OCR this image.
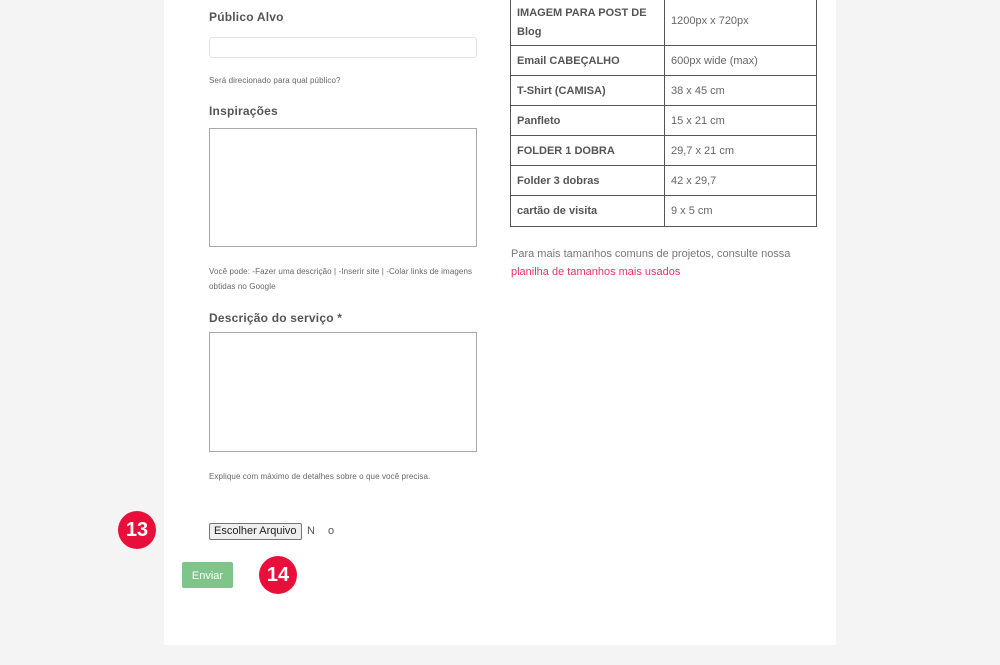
Público Alvo
Será direcionado para qual público?
Inspirações
Você pode: -Fazer uma descrição | -Inserir site | -Colar links de imagens obtidas no Google
Descrição do serviço *
Explique com máximo de detalhes sobre o que você precisa.
Escolher Arquivo N o
Enviar
IMAGEM PARA POST DE Blog	1200px x 720px
Email CABEÇALHO	600px wide (max)
T-Shirt (CAMISA)	38 x 45 cm
Panfleto	15 x 21 cm
FOLDER 1 DOBRA	29,7 x 21 cm
Folder 3 dobras	42 x 29,7
cartão de visita	9 x 5 cm
Para mais tamanhos comuns de projetos, consulte nossa
planilha de tamanhos mais usados
13
14
